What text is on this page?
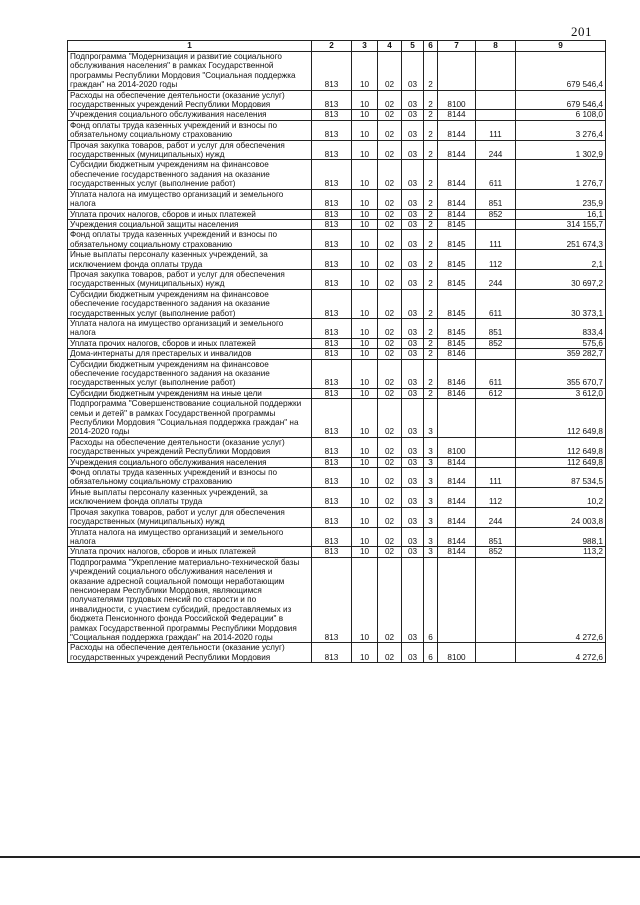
201
1	2	3	4	5	6	7	8	9
Подпрограмма "Модернизация и развитие социального обслуживания населения" в рамках Государственной программы Республики Мордовия "Социальная поддержка граждан" на 2014-2020 годы	813	10	02	03	2			679 546,4
Расходы на обеспечение деятельности (оказание услуг) государственных учреждений Республики Мордовия	813	10	02	03	2	8100		679 546,4
Учреждения социального обслуживания населения	813	10	02	03	2	8144		6 108,0
Фонд оплаты труда казенных учреждений и взносы по обязательному социальному страхованию	813	10	02	03	2	8144	111	3 276,4
Прочая закупка товаров, работ и услуг для обеспечения государственных (муниципальных) нужд	813	10	02	03	2	8144	244	1 302,9
Субсидии бюджетным учреждениям на финансовое обеспечение государственного задания на оказание государственных услуг (выполнение работ)	813	10	02	03	2	8144	611	1 276,7
Уплата налога на имущество организаций и земельного налога	813	10	02	03	2	8144	851	235,9
Уплата прочих налогов, сборов и иных платежей	813	10	02	03	2	8144	852	16,1
Учреждения социальной защиты населения	813	10	02	03	2	8145		314 155,7
Фонд оплаты труда казенных учреждений и взносы по обязательному социальному страхованию	813	10	02	03	2	8145	111	251 674,3
Иные выплаты персоналу казенных учреждений, за исключением фонда оплаты труда	813	10	02	03	2	8145	112	2,1
Прочая закупка товаров, работ и услуг для обеспечения государственных (муниципальных) нужд	813	10	02	03	2	8145	244	30 697,2
Субсидии бюджетным учреждениям на финансовое обеспечение государственного задания на оказание государственных услуг (выполнение работ)	813	10	02	03	2	8145	611	30 373,1
Уплата налога на имущество организаций и земельного налога	813	10	02	03	2	8145	851	833,4
Уплата прочих налогов, сборов и иных платежей	813	10	02	03	2	8145	852	575,6
Дома-интернаты для престарелых и инвалидов	813	10	02	03	2	8146		359 282,7
Субсидии бюджетным учреждениям на финансовое обеспечение государственного задания на оказание государственных услуг (выполнение работ)	813	10	02	03	2	8146	611	355 670,7
Субсидии бюджетным учреждениям на иные цели	813	10	02	03	2	8146	612	3 612,0
Подпрограмма "Совершенствование социальной поддержки семьи и детей" в рамках Государственной программы Республики Мордовия "Социальная поддержка граждан" на 2014-2020 годы	813	10	02	03	3			112 649,8
Расходы на обеспечение деятельности (оказание услуг) государственных учреждений Республики Мордовия	813	10	02	03	3	8100		112 649,8
Учреждения социального обслуживания населения	813	10	02	03	3	8144		112 649,8
Фонд оплаты труда казенных учреждений и взносы по обязательному социальному страхованию	813	10	02	03	3	8144	111	87 534,5
Иные выплаты персоналу казенных учреждений, за исключением фонда оплаты труда	813	10	02	03	3	8144	112	10,2
Прочая закупка товаров, работ и услуг для обеспечения государственных (муниципальных) нужд	813	10	02	03	3	8144	244	24 003,8
Уплата налога на имущество организаций и земельного налога	813	10	02	03	3	8144	851	988,1
Уплата прочих налогов, сборов и иных платежей	813	10	02	03	3	8144	852	113,2
Подпрограмма "Укрепление материально-технической базы учреждений социального обслуживания населения и оказание адресной социальной помощи неработающим пенсионерам Республики Мордовия, являющимся получателями трудовых пенсий по старости и по инвалидности, с участием субсидий, предоставляемых из бюджета Пенсионного фонда Российской Федерации" в рамках Государственной программы Республики Мордовия "Социальная поддержка граждан" на 2014-2020 годы	813	10	02	03	6			4 272,6
Расходы на обеспечение деятельности (оказание услуг) государственных учреждений Республики Мордовия	813	10	02	03	6	8100		4 272,6
